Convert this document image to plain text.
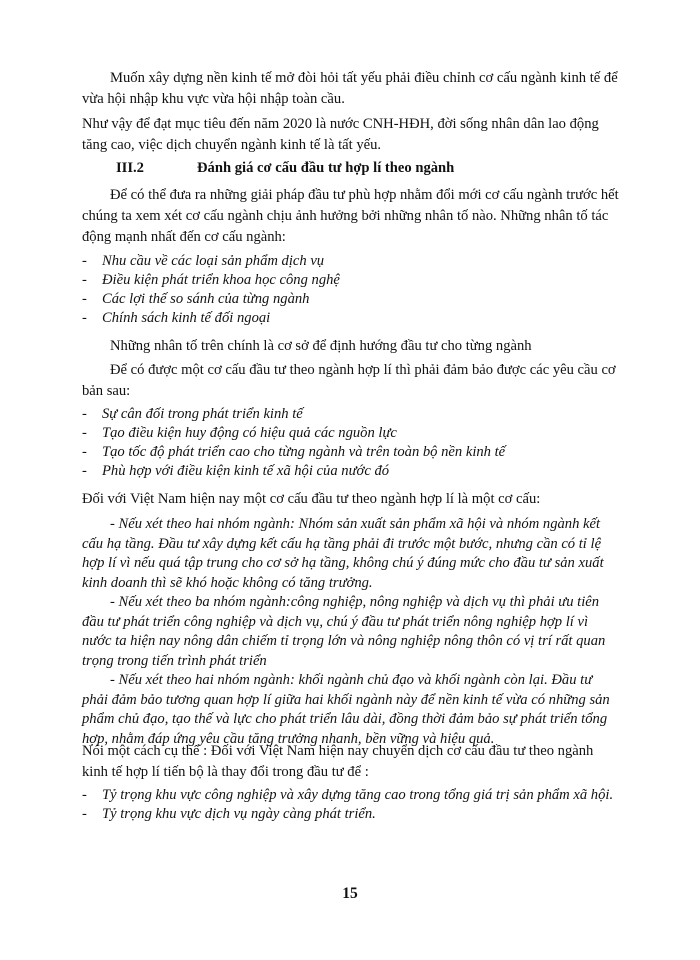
Muốn xây dựng nền kinh tế mở đòi hỏi tất yếu phải điều chỉnh cơ cấu ngành kinh tế để vừa hội nhập khu vực vừa hội nhập toàn cầu.

Như vậy để đạt mục tiêu đến năm 2020 là nước CNH-HĐH, đời sống nhân dân lao động tăng cao, việc dịch chuyển ngành kinh tế là tất yếu.

III.2	Đánh giá cơ cấu đầu tư hợp lí theo ngành

Để có thể đưa ra những giải pháp đầu tư phù hợp nhằm đổi mới cơ cấu ngành trước hết chúng ta xem xét cơ cấu ngành chịu ảnh hưởng bởi những nhân tố nào. Những nhân tố tác động mạnh nhất đến cơ cấu ngành:

- Nhu cầu về các loại sản phẩm dịch vụ
- Điều kiện phát triển khoa học công nghệ
- Các lợi thế so sánh của từng ngành
- Chính sách kinh tế đối ngoại

Những nhân tố trên chính là cơ sở để định hướng đầu tư cho từng ngành

Để có được một cơ cấu đầu tư theo ngành hợp lí thì phải đảm bảo được các yêu cầu cơ bản sau:

- Sự cân đối trong phát triển kinh tế
- Tạo điều kiện huy động có hiệu quả các nguồn lực
- Tạo tốc độ phát triển cao cho từng ngành và trên toàn bộ nền kinh tế
- Phù hợp với điều kiện kinh tế xã hội của nước đó

Đối với Việt Nam hiện nay một cơ cấu đầu tư theo ngành hợp lí là một cơ cấu:

- Nếu xét theo hai nhóm ngành: Nhóm sản xuất sản phẩm xã hội và nhóm ngành kết cấu hạ tầng. Đầu tư xây dựng kết cấu hạ tầng phải đi trước một bước, nhưng cần có tỉ lệ hợp lí vì nếu quá tập trung cho cơ sở hạ tầng, không chú ý đúng mức cho đầu tư sản xuất kinh doanh thì sẽ khó hoặc không có tăng trưởng.

- Nếu xét theo ba nhóm ngành:công nghiệp, nông nghiệp và dịch vụ thì phải ưu tiên đầu tư phát triển công nghiệp và dịch vụ, chú ý đầu tư phát triển nông nghiệp hợp lí vì nước ta hiện nay nông dân chiếm tỉ trọng lớn và nông nghiệp nông thôn có vị trí rất quan trọng trong tiến trình phát triển

- Nếu xét theo hai nhóm ngành: khối ngành chủ đạo và khối ngành còn lại. Đầu tư phải đảm bảo tương quan hợp lí giữa hai khối ngành này để nền kinh tế vừa có những sản phẩm chủ đạo, tạo thế và lực cho phát triển lâu dài, đồng thời đảm bảo sự phát triển tổng hợp, nhằm đáp ứng yêu cầu tăng trưởng nhanh, bền vững và hiệu quả.

Nói một cách cụ thể : Đối với Việt Nam hiện nay chuyển dịch cơ cấu đầu tư theo ngành kinh tế hợp lí tiến bộ là thay đổi trong đầu tư để :

- Tỷ trọng khu vực công nghiệp và xây dựng tăng cao trong tổng giá trị sản phẩm xã hội.
- Tỷ trọng khu vực dịch vụ ngày càng phát triển.
15
